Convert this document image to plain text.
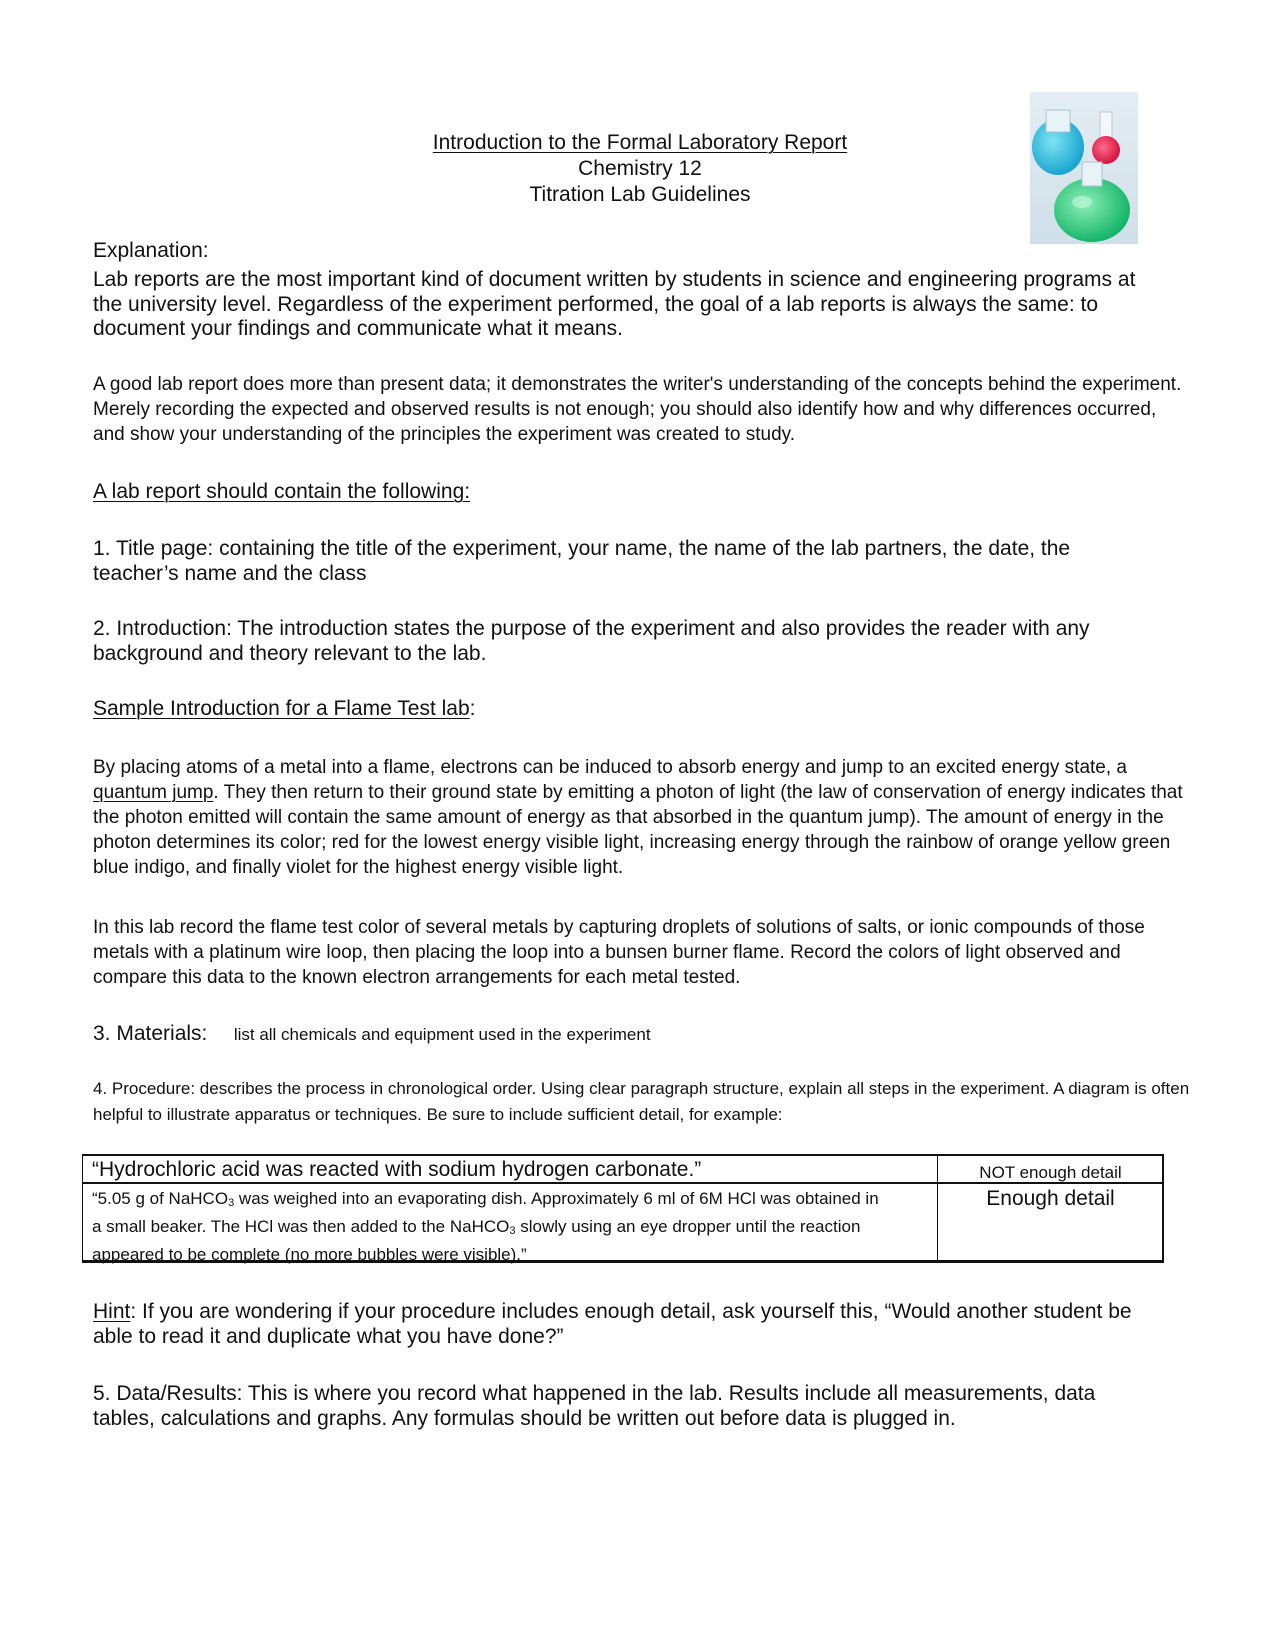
Introduction to the Formal Laboratory Report
Chemistry 12
Titration Lab Guidelines
Explanation:

Lab reports are the most important kind of document written by students in science and engineering programs at the university level. Regardless of the experiment performed, the goal of a lab reports is always the same: to document your findings and communicate what it means.

A good lab report does more than present data; it demonstrates the writer's understanding of the concepts behind the experiment. Merely recording the expected and observed results is not enough; you should also identify how and why differences occurred, and show your understanding of the principles the experiment was created to study.

A lab report should contain the following:

1. Title page: containing the title of the experiment, your name, the name of the lab partners, the date, the teacher’s name and the class

2. Introduction: The introduction states the purpose of the experiment and also provides the reader with any background and theory relevant to the lab.

Sample Introduction for a Flame Test lab:

By placing atoms of a metal into a flame, electrons can be induced to absorb energy and jump to an excited energy state, a quantum jump. They then return to their ground state by emitting a photon of light (the law of conservation of energy indicates that the photon emitted will contain the same amount of energy as that absorbed in the quantum jump). The amount of energy in the photon determines its color; red for the lowest energy visible light, increasing energy through the rainbow of orange yellow green blue indigo, and finally violet for the highest energy visible light.

In this lab record the flame test color of several metals by capturing droplets of solutions of salts, or ionic compounds of those metals with a platinum wire loop, then placing the loop into a bunsen burner flame. Record the colors of light observed and compare this data to the known electron arrangements for each metal tested.

3. Materials: list all chemicals and equipment used in the experiment

4. Procedure: describes the process in chronological order. Using clear paragraph structure, explain all steps in the experiment. A diagram is often helpful to illustrate apparatus or techniques. Be sure to include sufficient detail, for example:

“Hydrochloric acid was reacted with sodium hydrogen carbonate.”	NOT enough detail
“5.05 g of NaHCO$_3$ was weighed into an evaporating dish. Approximately 6 ml of 6M HCl was obtained in a small beaker. The HCl was then added to the NaHCO$_3$ slowly using an eye dropper until the reaction appeared to be complete (no more bubbles were visible).”
Enough detail

Hint: If you are wondering if your procedure includes enough detail, ask yourself this, “Would another student be able to read it and duplicate what you have done?”

5. Data/Results: This is where you record what happened in the lab. Results include all measurements, data tables, calculations and graphs. Any formulas should be written out before data is plugged in.
